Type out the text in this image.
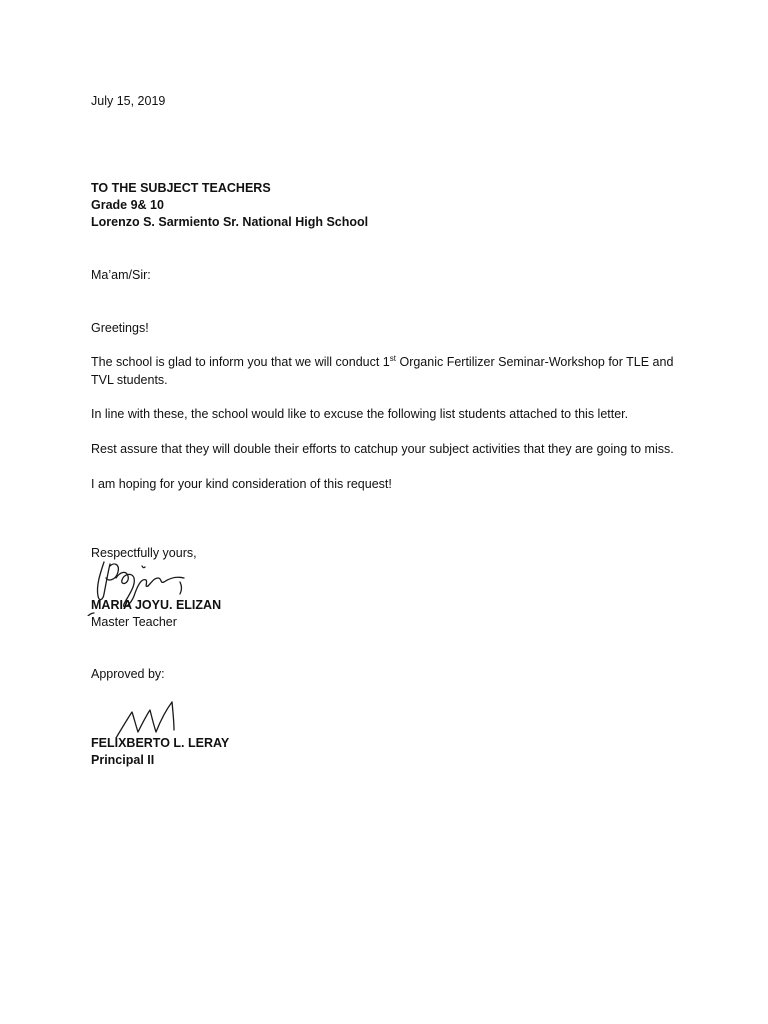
July 15, 2019

TO THE SUBJECT TEACHERS

Grade 9& 10

Lorenzo S. Sarmiento Sr. National High School

Ma’am/Sir:

Greetings!

The school is glad to inform you that we will conduct 1st Organic Fertilizer Seminar-Workshop for TLE and TVL students.

In line with these, the school would like to excuse the following list students attached to this letter.

Rest assure that they will double their efforts to catchup your subject activities that they are going to miss.

I am hoping for your kind consideration of this request!

Respectfully yours,

MARIA JOYU. ELIZAN

Master Teacher

Approved by:

FELIXBERTO L. LERAY

Principal II
